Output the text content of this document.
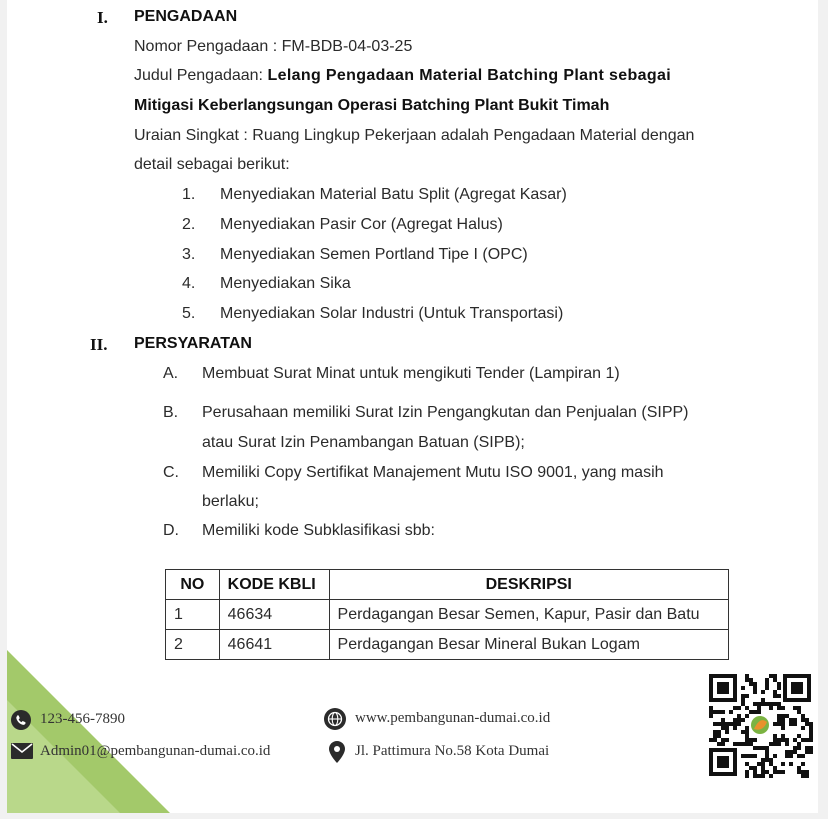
I. PENGADAAN
Nomor Pengadaan : FM-BDB-04-03-25
Judul Pengadaan: Lelang Pengadaan Material Batching Plant sebagai
Mitigasi Keberlangsungan Operasi Batching Plant Bukit Timah
Uraian Singkat : Ruang Lingkup Pekerjaan adalah Pengadaan Material dengan
detail sebagai berikut:
1. Menyediakan Material Batu Split (Agregat Kasar)
2. Menyediakan Pasir Cor (Agregat Halus)
3. Menyediakan Semen Portland Tipe I (OPC)
4. Menyediakan Sika
5. Menyediakan Solar Industri (Untuk Transportasi)
II. PERSYARATAN
A. Membuat Surat Minat untuk mengikuti Tender (Lampiran 1)
B. Perusahaan memiliki Surat Izin Pengangkutan dan Penjualan (SIPP)
atau Surat Izin Penambangan Batuan (SIPB);
C. Memiliki Copy Sertifikat Manajement Mutu ISO 9001, yang masih
berlaku;
D. Memiliki kode Subklasifikasi sbb:
NO	KODE KBLI	DESKRIPSI
1	46634	Perdagangan Besar Semen, Kapur, Pasir dan Batu
2	46641	Perdagangan Besar Mineral Bukan Logam
123-456-7890
Admin01@pembangunan-dumai.co.id
www.pembangunan-dumai.co.id
Jl. Pattimura No.58 Kota Dumai
